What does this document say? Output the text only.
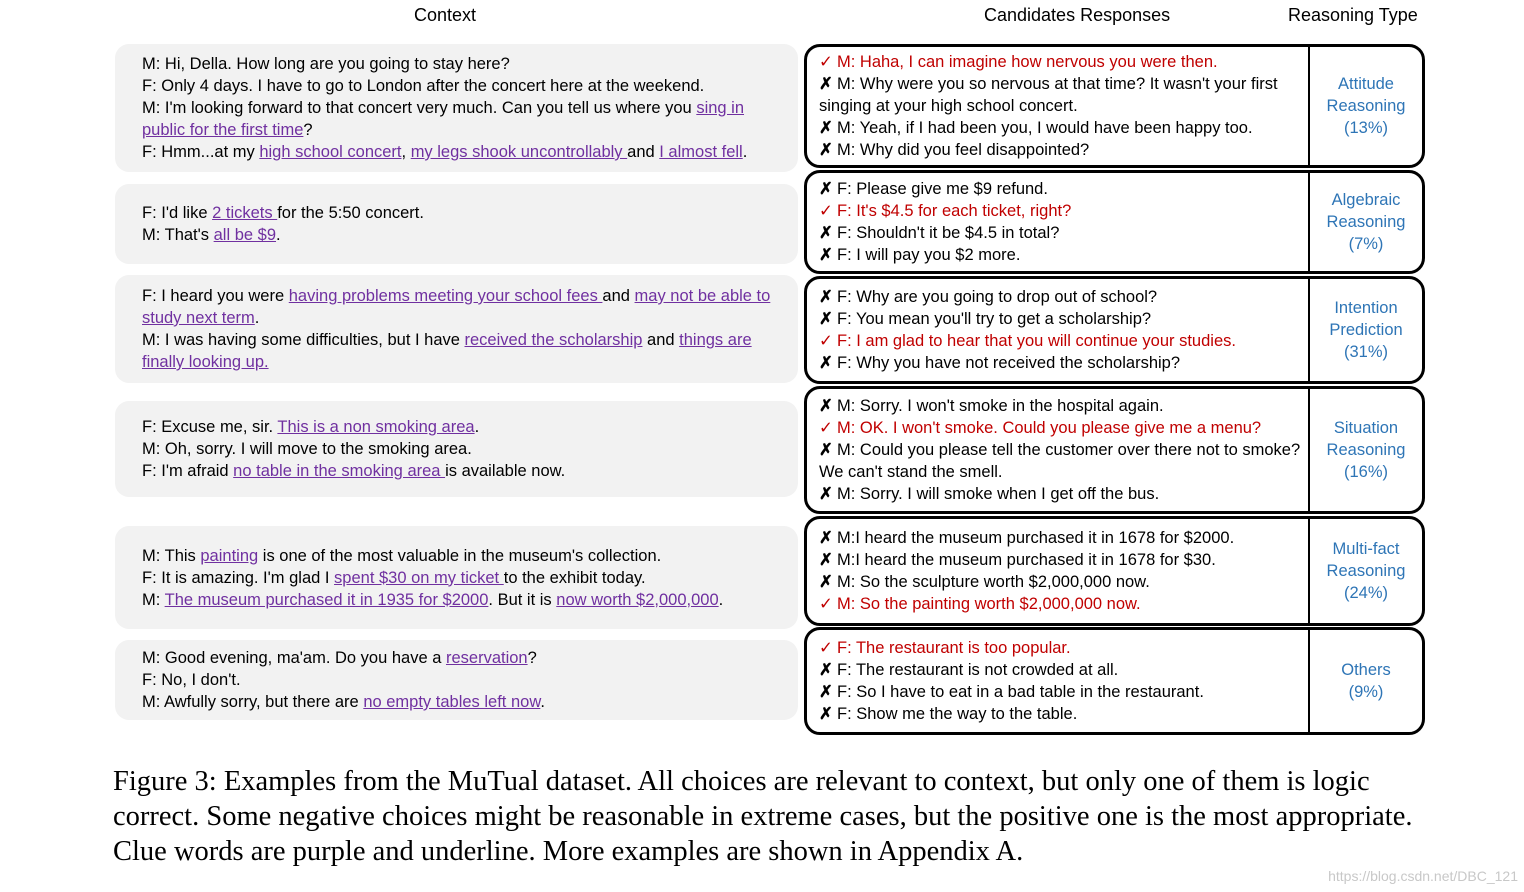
Context	Candidates Responses	Reasoning Type
M: Hi, Della. How long are you going to stay here?
F: Only 4 days. I have to go to London after the concert here at the weekend.
M: I'm looking forward to that concert very much. Can you tell us where you sing in public for the first time?
F: Hmm...at my high school concert, my legs shook uncontrollably and I almost fell.
✓ M: Haha, I can imagine how nervous you were then.
✗ M: Why were you so nervous at that time? It wasn't your first singing at your high school concert.
✗ M: Yeah, if I had been you, I would have been happy too.
✗ M: Why did you feel disappointed?
Attitude
Reasoning
(13%)
F: I'd like 2 tickets for the 5:50 concert.
M: That's all be $9.
✗ F: Please give me $9 refund.
✓ F: It's $4.5 for each ticket, right?
✗ F: Shouldn't it be $4.5 in total?
✗ F: I will pay you $2 more.
Algebraic
Reasoning
(7%)
F: I heard you were having problems meeting your school fees and may not be able to study next term.
M: I was having some difficulties, but I have received the scholarship and things are finally looking up.
✗ F: Why are you going to drop out of school?
✗ F: You mean you'll try to get a scholarship?
✓ F: I am glad to hear that you will continue your studies.
✗ F: Why you have not received the scholarship?
Intention
Prediction
(31%)
F: Excuse me, sir. This is a non smoking area.
M: Oh, sorry. I will move to the smoking area.
F: I'm afraid no table in the smoking area is available now.
✗ M: Sorry. I won't smoke in the hospital again.
✓ M: OK. I won't smoke. Could you please give me a menu?
✗ M: Could you please tell the customer over there not to smoke? We can't stand the smell.
✗ M: Sorry. I will smoke when I get off the bus.
Situation
Reasoning
(16%)
M: This painting is one of the most valuable in the museum's collection.
F: It is amazing. I'm glad I spent $30 on my ticket to the exhibit today.
M: The museum purchased it in 1935 for $2000. But it is now worth $2,000,000.
✗ M:I heard the museum purchased it in 1678 for $2000.
✗ M:I heard the museum purchased it in 1678 for $30.
✗ M: So the sculpture worth $2,000,000 now.
✓ M: So the painting worth $2,000,000 now.
Multi-fact
Reasoning
(24%)
M: Good evening, ma'am. Do you have a reservation?
F: No, I don't.
M: Awfully sorry, but there are no empty tables left now.
✓ F: The restaurant is too popular.
✗ F: The restaurant is not crowded at all.
✗ F: So I have to eat in a bad table in the restaurant.
✗ F: Show me the way to the table.
Others
(9%)
Figure 3: Examples from the MuTual dataset. All choices are relevant to context, but only one of them is logic correct. Some negative choices might be reasonable in extreme cases, but the positive one is the most appropriate. Clue words are purple and underline. More examples are shown in Appendix A.
https://blog.csdn.net/DBC_121
